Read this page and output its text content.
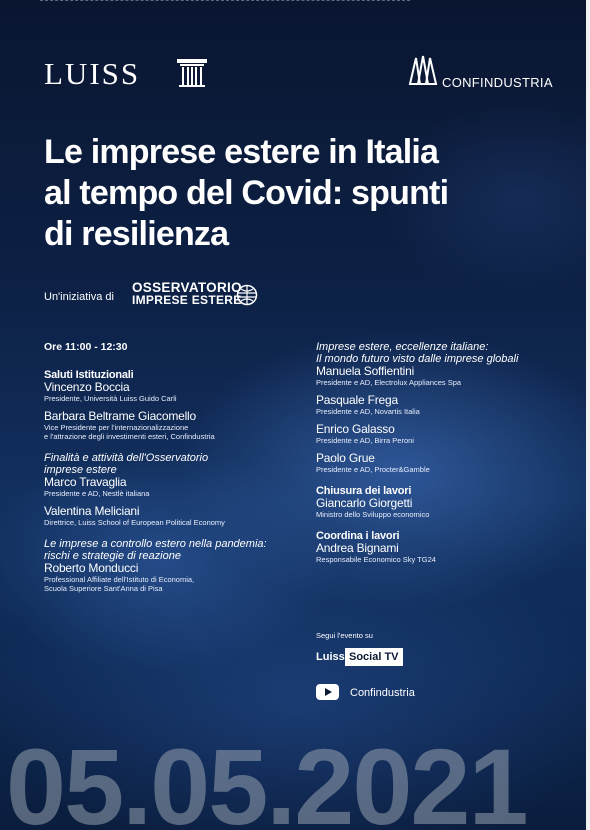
LUISS	CONFINDUSTRIA
Le imprese estere in Italia
al tempo del Covid: spunti
di resilienza
Un'iniziativa di
OSSERVATORIO
IMPRESE ESTERE
Ore 11:00 - 12:30
Saluti Istituzionali
Vincenzo Boccia
Presidente, Università Luiss Guido Carli
Barbara Beltrame Giacomello
Vice Presidente per l'internazionalizzazione
e l'attrazione degli investimenti esteri, Confindustria
Finalità e attività dell'Osservatorio
imprese estere
Marco Travaglia
Presidente e AD, Nestlè italiana
Valentina Meliciani
Direttrice, Luiss School of European Political Economy
Le imprese a controllo estero nella pandemia:
rischi e strategie di reazione
Roberto Monducci
Professional Affiliate dell'Istituto di Economia,
Scuola Superiore Sant'Anna di Pisa
Imprese estere, eccellenze italiane:
Il mondo futuro visto dalle imprese globali
Manuela Soffientini
Presidente e AD, Electrolux Appliances Spa
Pasquale Frega
Presidente e AD, Novartis Italia
Enrico Galasso
Presidente e AD, Birra Peroni
Paolo Grue
Presidente e AD, Procter&Gamble
Chiusura dei lavori
Giancarlo Giorgetti
Ministro dello Sviluppo economico
Coordina i lavori
Andrea Bignami
Responsabile Economico Sky TG24
Segui l'evento su
Luiss Social TV
Confindustria
05.05.2021
